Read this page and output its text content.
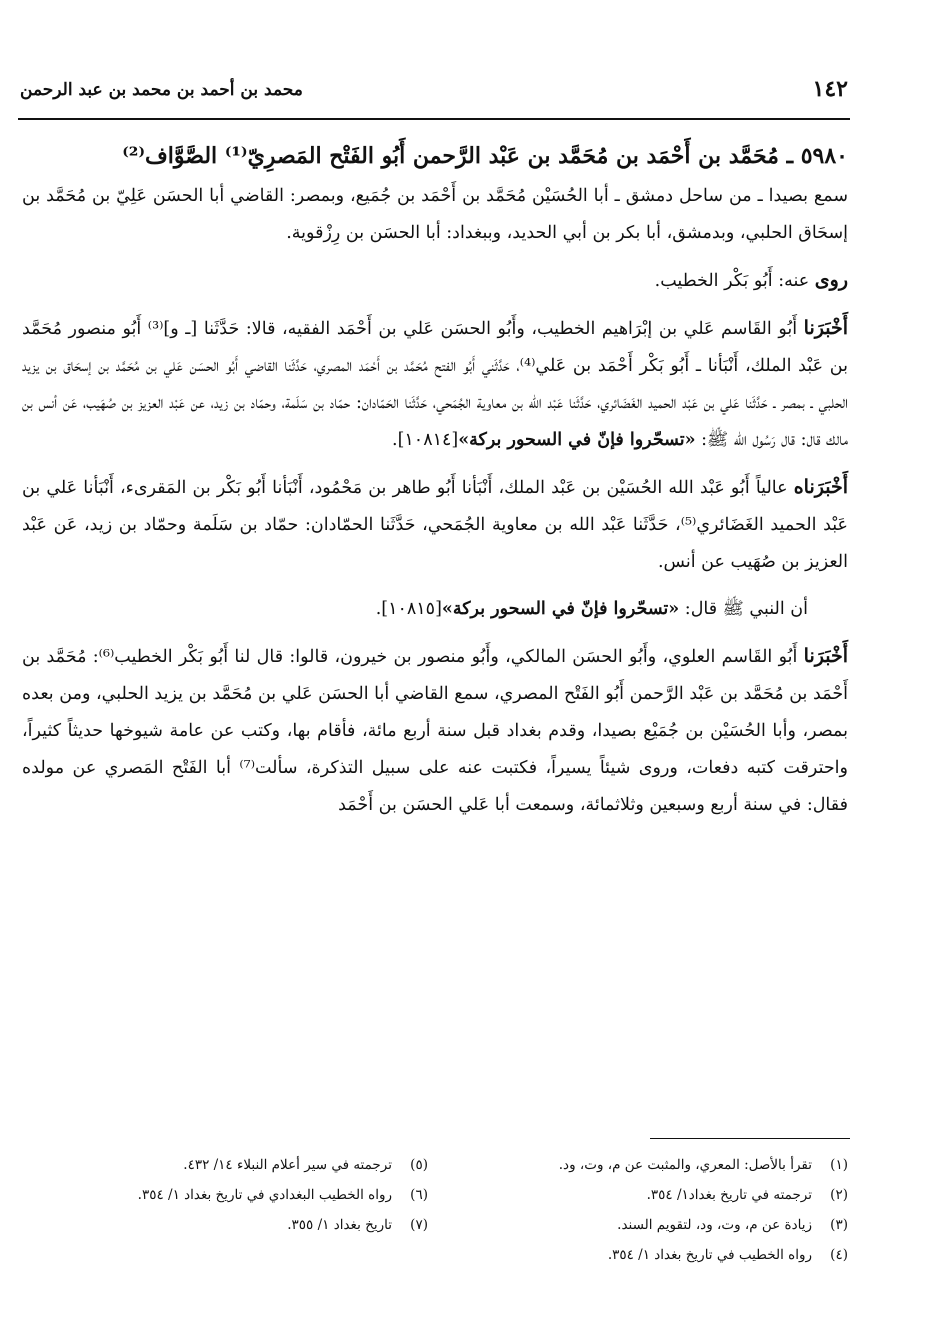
١٤٢
محمد بن أحمد بن محمد بن عبد الرحمن
٥٩٨٠ ـ مُحَمَّد بن أَحْمَد بن مُحَمَّد بن عَبْد الرَّحمن أَبُو الفَتْح المَصرِيّ⁽¹⁾ الصَّوَّاف⁽²⁾

سمع بصيدا ـ من ساحل دمشق ـ أبا الحُسَيْن مُحَمَّد بن أَحْمَد بن جُمَيع، وبمصر: القاضي أبا الحسَن عَلِيّ بن مُحَمَّد بن إسحَاق الحلبي، وبدمشق، أبا بكر بن أبي الحديد، وببغداد: أبا الحسَن بن رِزْقوية.

روى عنه: أَبُو بَكْر الخطيب.

أَخْبَرَنا أَبُو القَاسم عَلي بن إبْرَاهيم الخطيب، وأَبُو الحسَن عَلي بن أَحْمَد الفقيه، قالا: حَدَّثَنا [ـ و]⁽³⁾ أَبُو منصور مُحَمَّد بن عَبْد الملك، أَنْبَأنا ـ أَبُو بَكْر أَحْمَد بن عَلي⁽⁴⁾، حَدَّثَني أَبُو الفتح مُحَمَّد بن أَحْمَد المصري، حَدَّثَنا القاضي أَبُو الحسَن عَلي بن مُحَمَّد بن إسحَاق بن يزيد الحلبي ـ بمصر ـ حَدَّثَنا عَلي بن عَبْد الحميد الغَضَائري، حَدَّثَنا عَبْد الله بن معاوية الجُمَحي، حَدَّثَنا الحَمّادان: حمّاد بن سَلَمة، وحمّاد بن زيد، عن عَبْد العزيز بن صُهَيب، عَن أنس بن مالك قال: قال رَسُول الله ﷺ: «تسحّروا فإنّ في السحور بركة»[١٠٨١٤].

أَخْبَرَناه عالياً أَبُو عَبْد الله الحُسَيْن بن عَبْد الملك، أَنْبَأنا أَبُو طاهر بن مَحْمُود، أَنْبَأنا أَبُو بَكْر بن المَقرىء، أَنْبَأنا عَلي بن عَبْد الحميد الغَضَائري⁽⁵⁾، حَدَّثَنا عَبْد الله بن معاوية الجُمَحي، حَدَّثَنا الحمّادان: حمّاد بن سَلَمة وحمّاد بن زيد، عَن عَبْد العزيز بن صُهَيب عن أنس.

أن النبي ﷺ قال: «تسحّروا فإنّ في السحور بركة»[١٠٨١٥].

أَخْبَرَنا أَبُو القَاسم العلوي، وأَبُو الحسَن المالكي، وأَبُو منصور بن خيرون، قالوا: قال لنا أَبُو بَكْر الخطيب⁽⁶⁾: مُحَمَّد بن أَحْمَد بن مُحَمَّد بن عَبْد الرَّحمن أَبُو الفَتْح المصري، سمع القاضي أبا الحسَن عَلي بن مُحَمَّد بن يزيد الحلبي، ومن بعده بمصر، وأبا الحُسَيْن بن جُمَيْع بصيدا، وقدم بغداد قبل سنة أربع مائة، فأقام بها، وكتب عن عامة شيوخها حديثاً كثيراً، واحترقت كتبه دفعات، وروى شيئاً يسيراً، فكتبت عنه على سبيل التذكرة، سألت⁽⁷⁾ أبا الفَتْح المَصري عن مولده فقال: في سنة أربع وسبعين وثلاثمائة، وسمعت أبا عَلي الحسَن بن أَحْمَد

(١)تقرأ بالأصل: المعري، والمثبت عن م، وت، ود.
(٢)ترجمته في تاريخ بغداد١/ ٣٥٤.
(٣)زيادة عن م، وت، ود، لتقويم السند.
(٤)رواه الخطيب في تاريخ بغداد ١/ ٣٥٤.
(٥)ترجمته في سير أعلام النبلاء ١٤/ ٤٣٢.
(٦)رواه الخطيب البغدادي في تاريخ بغداد ١/ ٣٥٤.
(٧)تاريخ بغداد ١/ ٣٥٥.
